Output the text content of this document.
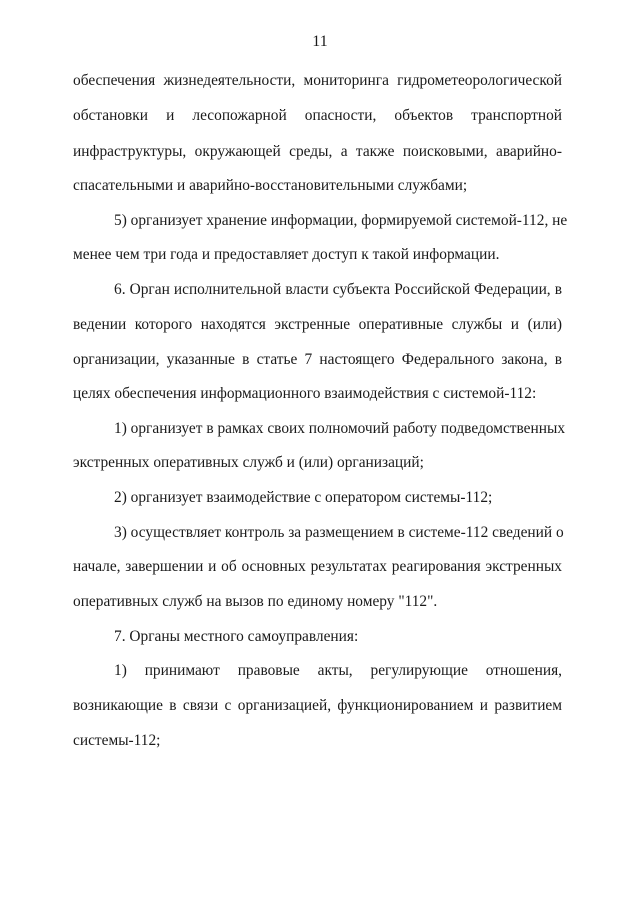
11
обеспечения жизнедеятельности, мониторинга гидрометеорологической
обстановки и лесопожарной опасности, объектов транспортной
инфраструктуры, окружающей среды, а также поисковыми, аварийно-
спасательными и аварийно-восстановительными службами;
5) организует хранение информации, формируемой системой-112, не
менее чем три года и предоставляет доступ к такой информации.
6. Орган исполнительной власти субъекта Российской Федерации, в
ведении которого находятся экстренные оперативные службы и (или)
организации, указанные в статье 7 настоящего Федерального закона, в
целях обеспечения информационного взаимодействия с системой-112:
1) организует в рамках своих полномочий работу подведомственных
экстренных оперативных служб и (или) организаций;
2) организует взаимодействие с оператором системы-112;
3) осуществляет контроль за размещением в системе-112 сведений о
начале, завершении и об основных результатах реагирования экстренных
оперативных служб на вызов по единому номеру "112".
7. Органы местного самоуправления:
1) принимают правовые акты, регулирующие отношения,
возникающие в связи с организацией, функционированием и развитием
системы-112;
